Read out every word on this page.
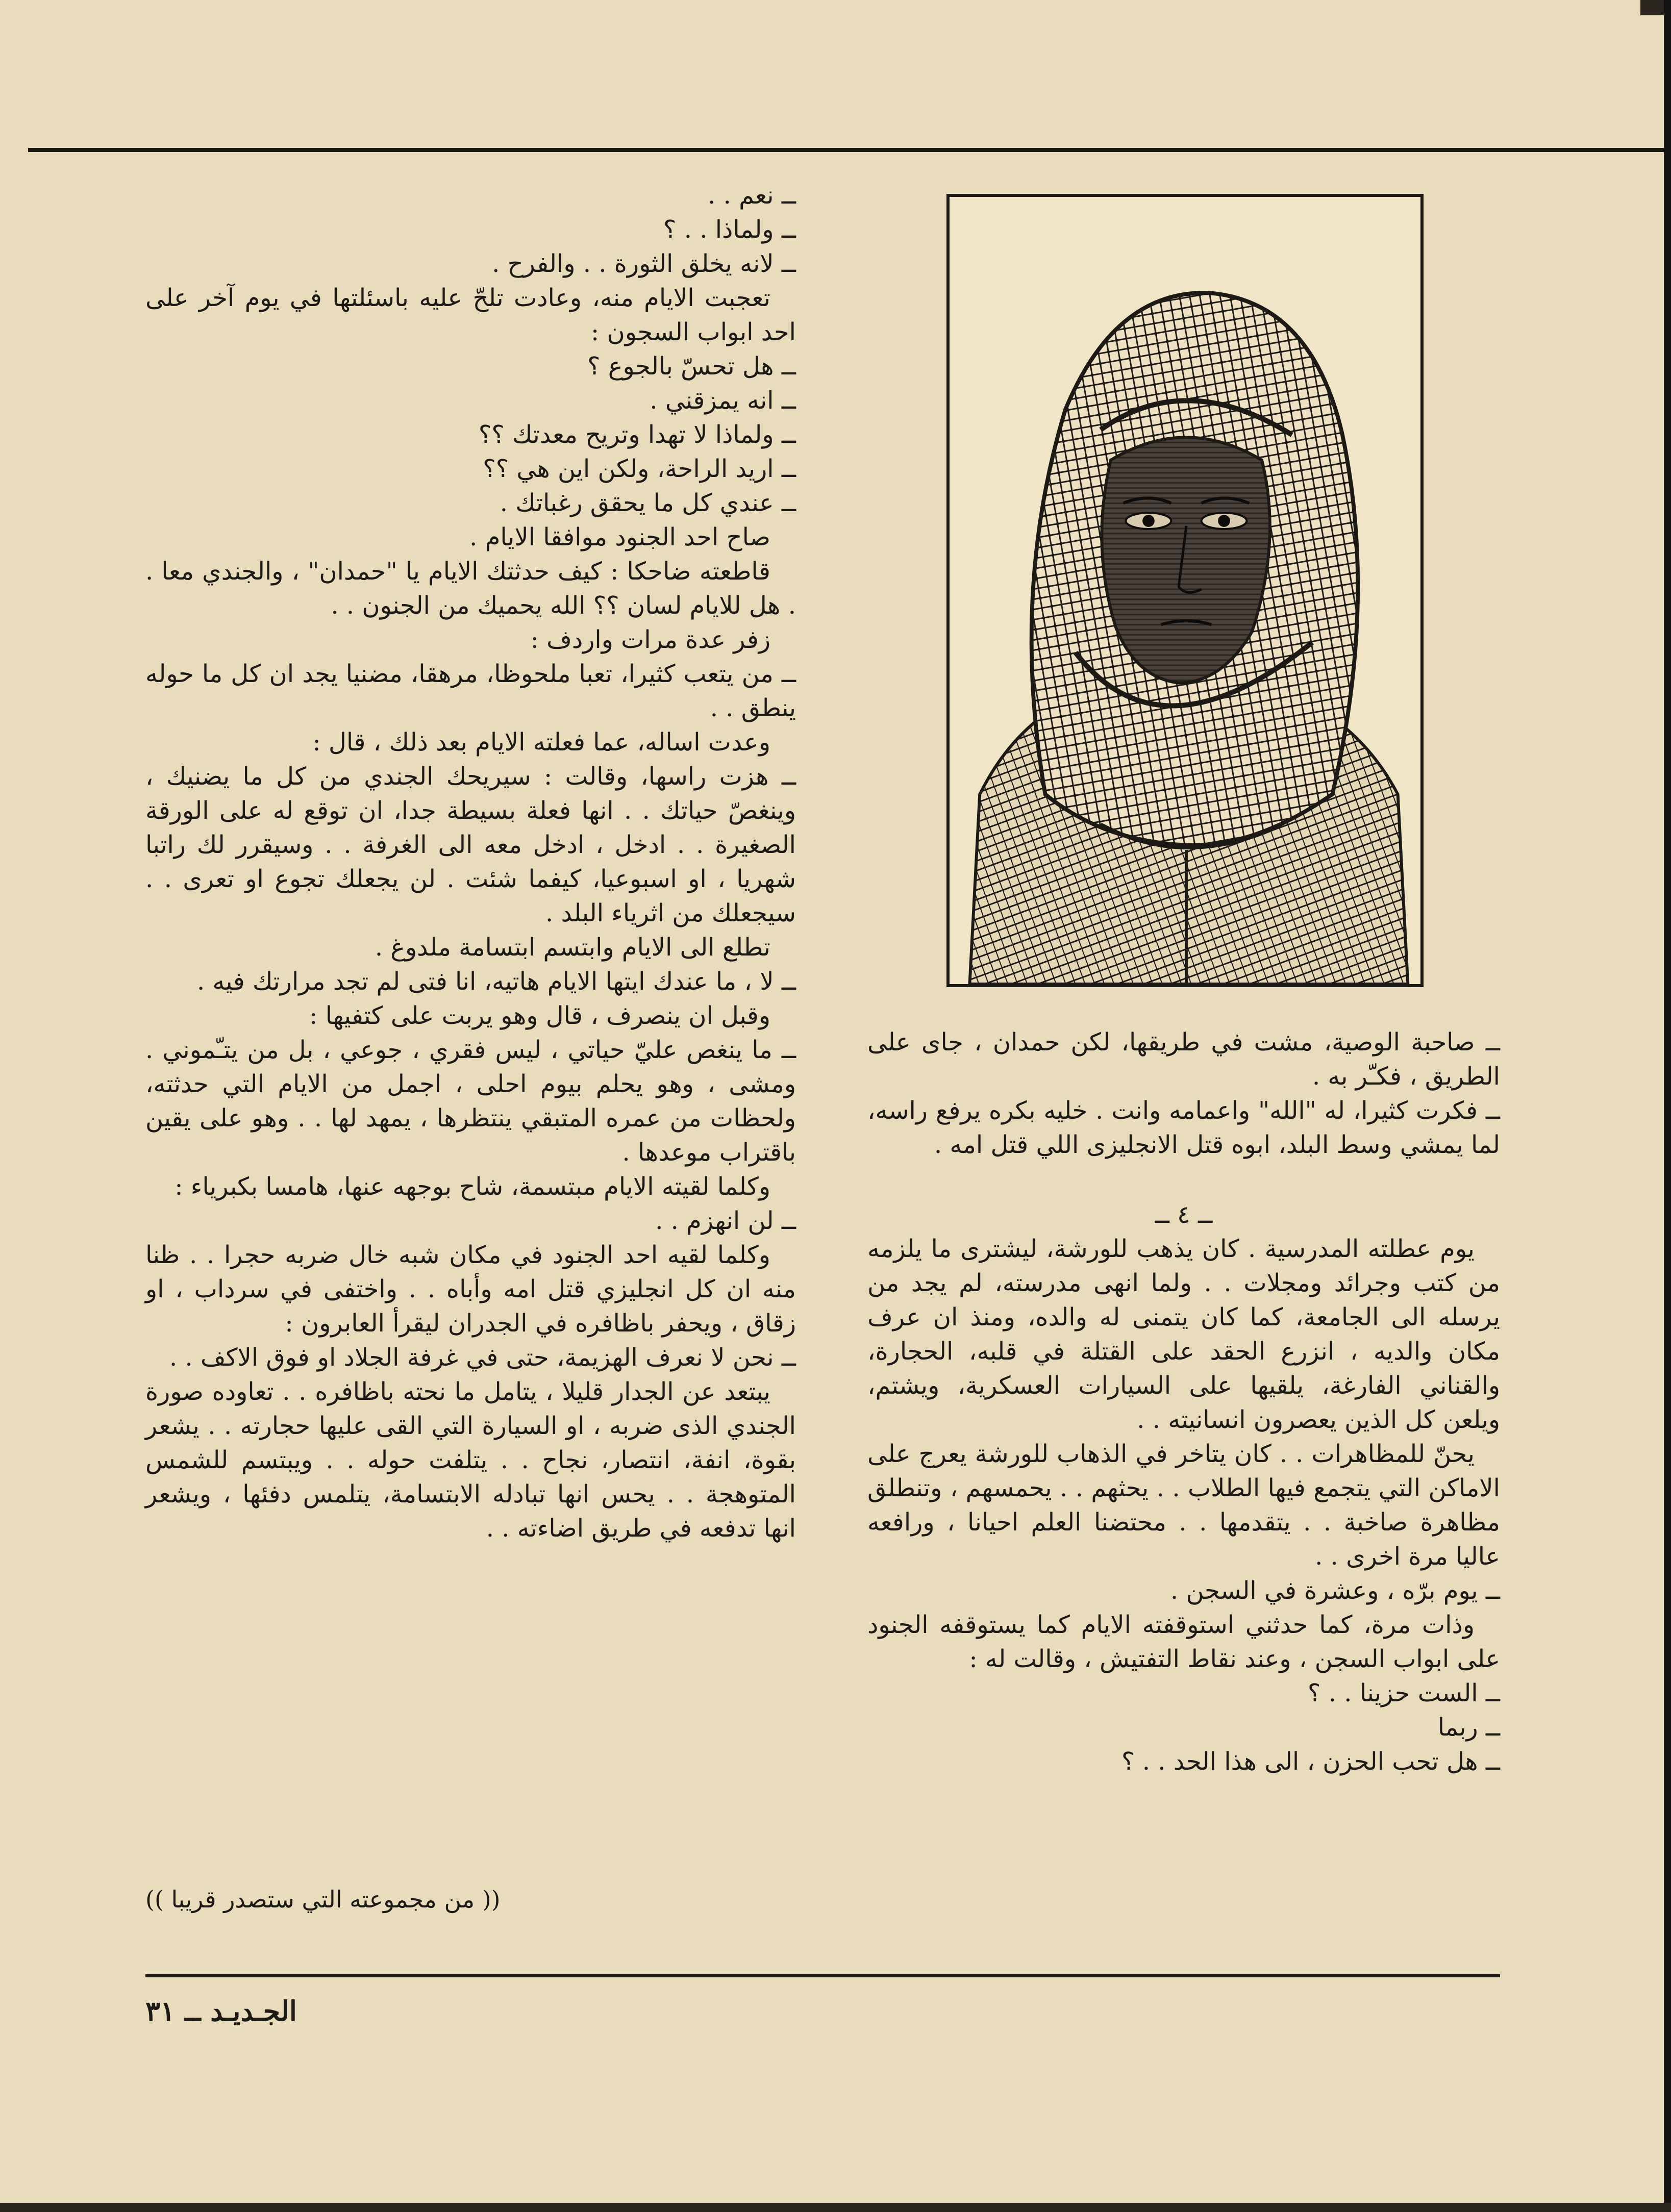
ــ نعم . .

ــ ولماذا . . ؟

ــ لانه يخلق الثورة . . والفرح .

تعجبت الايام منه، وعادت تلحّ عليه باسئلتها في يوم آخر على احد ابواب السجون :

ــ هل تحسّ بالجوع ؟

ــ انه يمزقني .

ــ ولماذا لا تهدا وتريح معدتك ؟؟

ــ اريد الراحة، ولكن اين هي ؟؟

ــ عندي كل ما يحقق رغباتك .

صاح احد الجنود موافقا الايام .

قاطعته ضاحكا : كيف حدثتك الايام يا "حمدان" ، والجندي معا . . هل للايام لسان ؟؟ الله يحميك من الجنون . .

زفر عدة مرات واردف :

ــ من يتعب كثيرا، تعبا ملحوظا، مرهقا، مضنيا يجد ان كل ما حوله ينطق . .

وعدت اساله، عما فعلته الايام بعد ذلك ، قال :

ــ هزت راسها، وقالت : سيريحك الجندي من كل ما يضنيك ، وينغصّ حياتك . . انها فعلة بسيطة جدا، ان توقع له على الورقة الصغيرة . . ادخل ، ادخل معه الى الغرفة . . وسيقرر لك راتبا شهريا ، او اسبوعيا، كيفما شئت . لن يجعلك تجوع او تعرى . . سيجعلك من اثرياء البلد .

تطلع الى الايام وابتسم ابتسامة ملدوغ .

ــ لا ، ما عندك ايتها الايام هاتيه، انا فتى لم تجد مرارتك فيه .

وقبل ان ينصرف ، قال وهو يربت على كتفيها :

ــ ما ينغص عليّ حياتي ، ليس فقري ، جوعي ، بل من يتـّموني . ومشى ، وهو يحلم بيوم احلى ، اجمل من الايام التي حدثته، ولحظات من عمره المتبقي ينتظرها ، يمهد لها . . وهو على يقين باقتراب موعدها .

وكلما لقيته الايام مبتسمة، شاح بوجهه عنها، هامسا بكبرياء :

ــ لن انهزم . .

وكلما لقيه احد الجنود في مكان شبه خال ضربه حجرا . . ظنا منه ان كل انجليزي قتل امه وأباه . . واختفى في سرداب ، او زقاق ، ويحفر باظافره في الجدران ليقرأ العابرون :

ــ نحن لا نعرف الهزيمة، حتى في غرفة الجلاد او فوق الاكف . .

يبتعد عن الجدار قليلا ، يتامل ما نحته باظافره . . تعاوده صورة الجندي الذى ضربه ، او السيارة التي القى عليها حجارته . . يشعر بقوة، انفة، انتصار، نجاح . . يتلفت حوله . . ويبتسم للشمس المتوهجة . . يحس انها تبادله الابتسامة، يتلمس دفئها ، ويشعر انها تدفعه في طريق اضاءته . .

ــ صاحبة الوصية، مشت في طريقها، لكن حمدان ، جاى على الطريق ، فكـّر به .

ــ فكرت كثيرا، له "الله" واعمامه وانت . خليه بكره يرفع راسه، لما يمشي وسط البلد، ابوه قتل الانجليزى اللي قتل امه .

ــ ٤ ــ

يوم عطلته المدرسية . كان يذهب للورشة، ليشترى ما يلزمه من كتب وجرائد ومجلات . . ولما انهى مدرسته، لم يجد من يرسله الى الجامعة، كما كان يتمنى له والده، ومنذ ان عرف مكان والديه ، انزرع الحقد على القتلة في قلبه، الحجارة، والقناني الفارغة، يلقيها على السيارات العسكرية، ويشتم، ويلعن كل الذين يعصرون انسانيته . .

يحنّ للمظاهرات . . كان يتاخر في الذهاب للورشة يعرج على الاماكن التي يتجمع فيها الطلاب . . يحثهم . . يحمسهم ، وتنطلق مظاهرة صاخبة . . يتقدمها . . محتضنا العلم احيانا ، ورافعه عاليا مرة اخرى . .

ــ يوم برّه ، وعشرة في السجن .

وذات مرة، كما حدثني استوقفته الايام كما يستوقفه الجنود على ابواب السجن ، وعند نقاط التفتيش ، وقالت له :

ــ الست حزينا . . ؟

ــ ربما

ــ هل تحب الحزن ، الى هذا الحد . . ؟

(( من مجموعته التي ستصدر قريبا ))
الجـديـد ــ ٣١
